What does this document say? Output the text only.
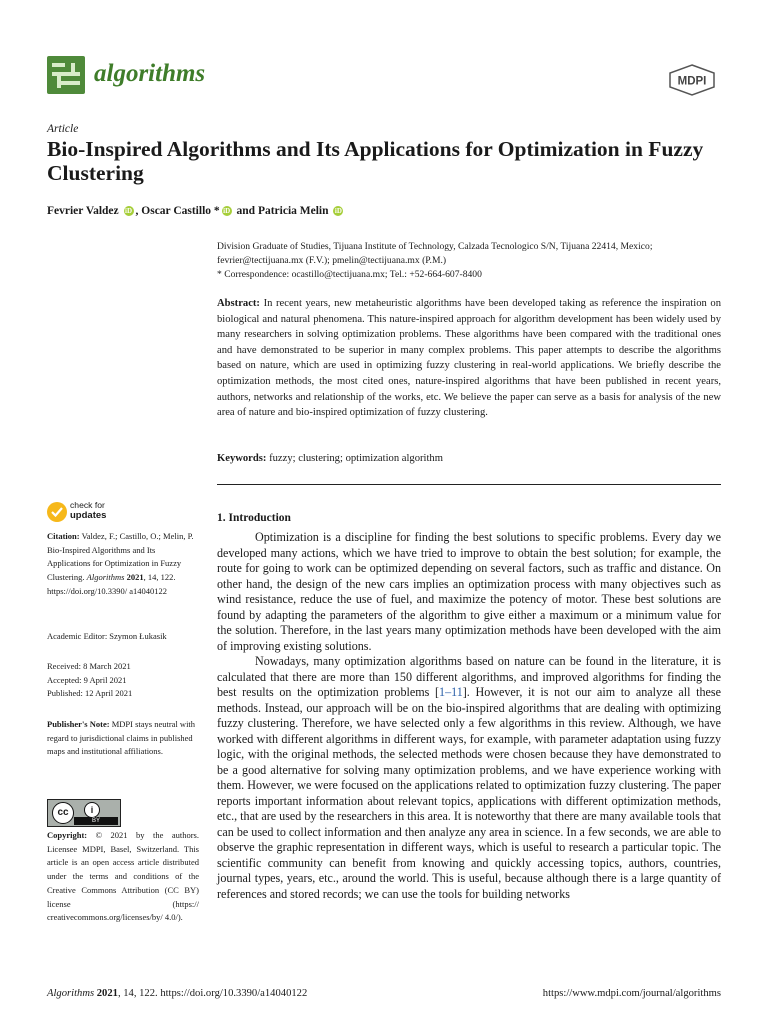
algorithms	MDPI
Article
Bio-Inspired Algorithms and Its Applications for Optimization in Fuzzy Clustering
Fevrier Valdez iD , Oscar Castillo * iD and Patricia Melin iD
Division Graduate of Studies, Tijuana Institute of Technology, Calzada Tecnologico S/N, Tijuana 22414, Mexico; fevrier@tectijuana.mx (F.V.); pmelin@tectijuana.mx (P.M.)
* Correspondence: ocastillo@tectijuana.mx; Tel.: +52-664-607-8400
Abstract: In recent years, new metaheuristic algorithms have been developed taking as reference the inspiration on biological and natural phenomena. This nature-inspired approach for algorithm development has been widely used by many researchers in solving optimization problems. These algorithms have been compared with the traditional ones and have demonstrated to be superior in many complex problems. This paper attempts to describe the algorithms based on nature, which are used in optimizing fuzzy clustering in real-world applications. We briefly describe the optimization methods, the most cited ones, nature-inspired algorithms that have been published in recent years, authors, networks and relationship of the works, etc. We believe the paper can serve as a basis for analysis of the new area of nature and bio-inspired optimization of fuzzy clustering.
Keywords: fuzzy; clustering; optimization algorithm
check for
updates
Citation: Valdez, F.; Castillo, O.; Melin, P. Bio-Inspired Algorithms and Its Applications for Optimization in Fuzzy Clustering. Algorithms 2021, 14, 122. https://doi.org/10.3390/ a14040122
Academic Editor: Szymon Łukasik
Received: 8 March 2021
Accepted: 9 April 2021
Published: 12 April 2021
Publisher's Note: MDPI stays neutral with regard to jurisdictional claims in published maps and institutional affiliations.
cc	i
BY
Copyright: © 2021 by the authors. Licensee MDPI, Basel, Switzerland. This article is an open access article distributed under the terms and conditions of the Creative Commons Attribution (CC BY) license (https:// creativecommons.org/licenses/by/ 4.0/).
1. Introduction

Optimization is a discipline for finding the best solutions to specific problems. Every day we developed many actions, which we have tried to improve to obtain the best solution; for example, the route for going to work can be optimized depending on several factors, such as traffic and distance. On other hand, the design of the new cars implies an optimization process with many objectives such as wind resistance, reduce the use of fuel, and maximize the potency of motor. These best solutions are found by adapting the parameters of the algorithm to give either a maximum or a minimum value for the solution. Therefore, in the last years many optimization methods have been developed with the aim of improving existing solutions.

Nowadays, many optimization algorithms based on nature can be found in the literature, it is calculated that there are more than 150 different algorithms, and improved algorithms for finding the best results on the optimization problems [1–11]. However, it is not our aim to analyze all these methods. Instead, our approach will be on the bio-inspired algorithms that are dealing with optimizing fuzzy clustering. Therefore, we have selected only a few algorithms in this review. Although, we have worked with different algorithms in different ways, for example, with parameter adaptation using fuzzy logic, with the original methods, the selected methods were chosen because they have demonstrated to be a good alternative for solving many optimization problems, and we have experience working with them. However, we were focused on the applications related to optimization fuzzy clustering. The paper reports important information about relevant topics, applications with different optimization methods, etc., that are used by the researchers in this area. It is noteworthy that there are many available tools that can be used to collect information and then analyze any area in science. In a few seconds, we are able to observe the graphic representation in different ways, which is useful to research a particular topic. The scientific community can benefit from knowing and quickly accessing topics, authors, countries, journal types, years, etc., around the world. This is useful, because although there is a large quantity of references and stored records; we can use the tools for building networks

Algorithms 2021, 14, 122. https://doi.org/10.3390/a14040122	https://www.mdpi.com/journal/algorithms
